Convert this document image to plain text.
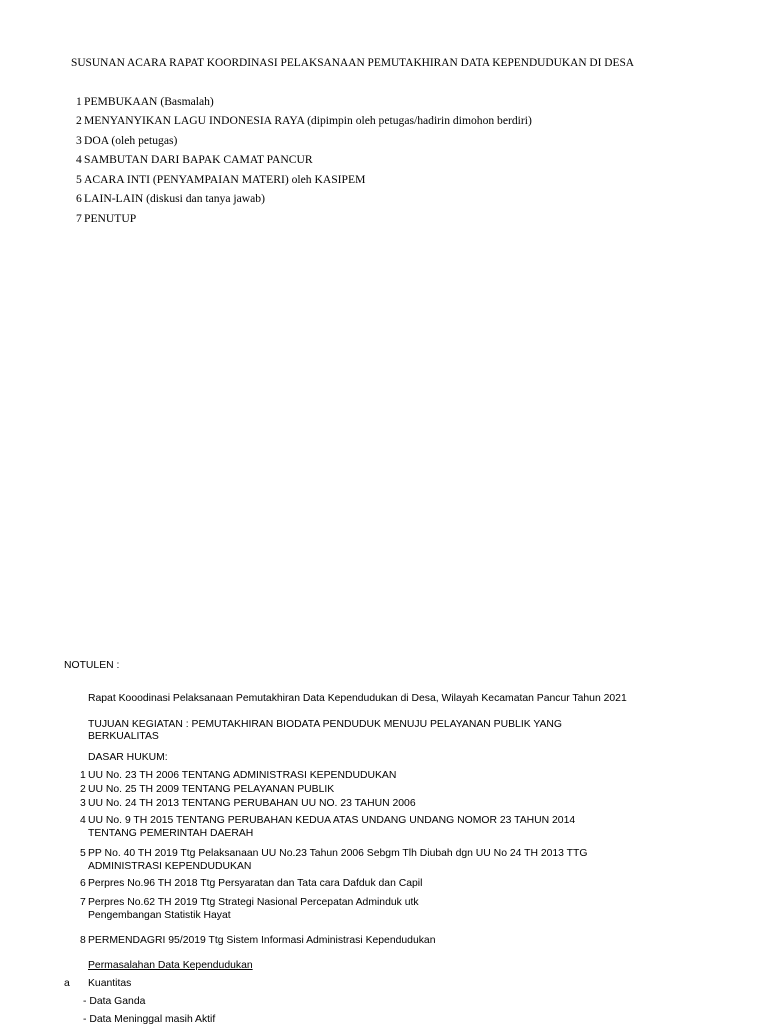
SUSUNAN ACARA RAPAT KOORDINASI PELAKSANAAN PEMUTAKHIRAN DATA KEPENDUDUKAN DI DESA
1 PEMBUKAAN (Basmalah)
2 MENYANYIKAN LAGU INDONESIA RAYA (dipimpin oleh petugas/hadirin dimohon berdiri)
3 DOA (oleh petugas)
4 SAMBUTAN DARI BAPAK CAMAT PANCUR
5 ACARA INTI (PENYAMPAIAN MATERI) oleh KASIPEM
6 LAIN-LAIN (diskusi dan tanya jawab)
7 PENUTUP
NOTULEN :
Rapat Kooodinasi Pelaksanaan Pemutakhiran Data Kependudukan di Desa, Wilayah Kecamatan Pancur Tahun 2021
TUJUAN KEGIATAN : PEMUTAKHIRAN BIODATA PENDUDUK MENUJU PELAYANAN PUBLIK YANG
BERKUALITAS
DASAR HUKUM:
1 UU No. 23 TH 2006 TENTANG ADMINISTRASI KEPENDUDUKAN
2 UU No. 25 TH 2009 TENTANG PELAYANAN PUBLIK
3 UU No. 24 TH 2013 TENTANG PERUBAHAN UU NO. 23 TAHUN 2006
4 UU No. 9 TH 2015 TENTANG PERUBAHAN KEDUA ATAS UNDANG UNDANG NOMOR 23 TAHUN 2014
TENTANG PEMERINTAH DAERAH
5 PP No. 40 TH 2019 Ttg Pelaksanaan UU No.23 Tahun 2006 Sebgm Tlh Diubah dgn UU No 24 TH 2013 TTG
ADMINISTRASI KEPENDUDUKAN
6 Perpres No.96 TH 2018 Ttg Persyaratan dan Tata cara Dafduk dan Capil
7 Perpres No.62 TH 2019 Ttg Strategi Nasional Percepatan Adminduk utk
Pengembangan Statistik Hayat
8 PERMENDAGRI 95/2019 Ttg Sistem Informasi Administrasi Kependudukan
Permasalahan Data Kependudukan
a Kuantitas
- Data Ganda
- Data Meninggal masih Aktif
